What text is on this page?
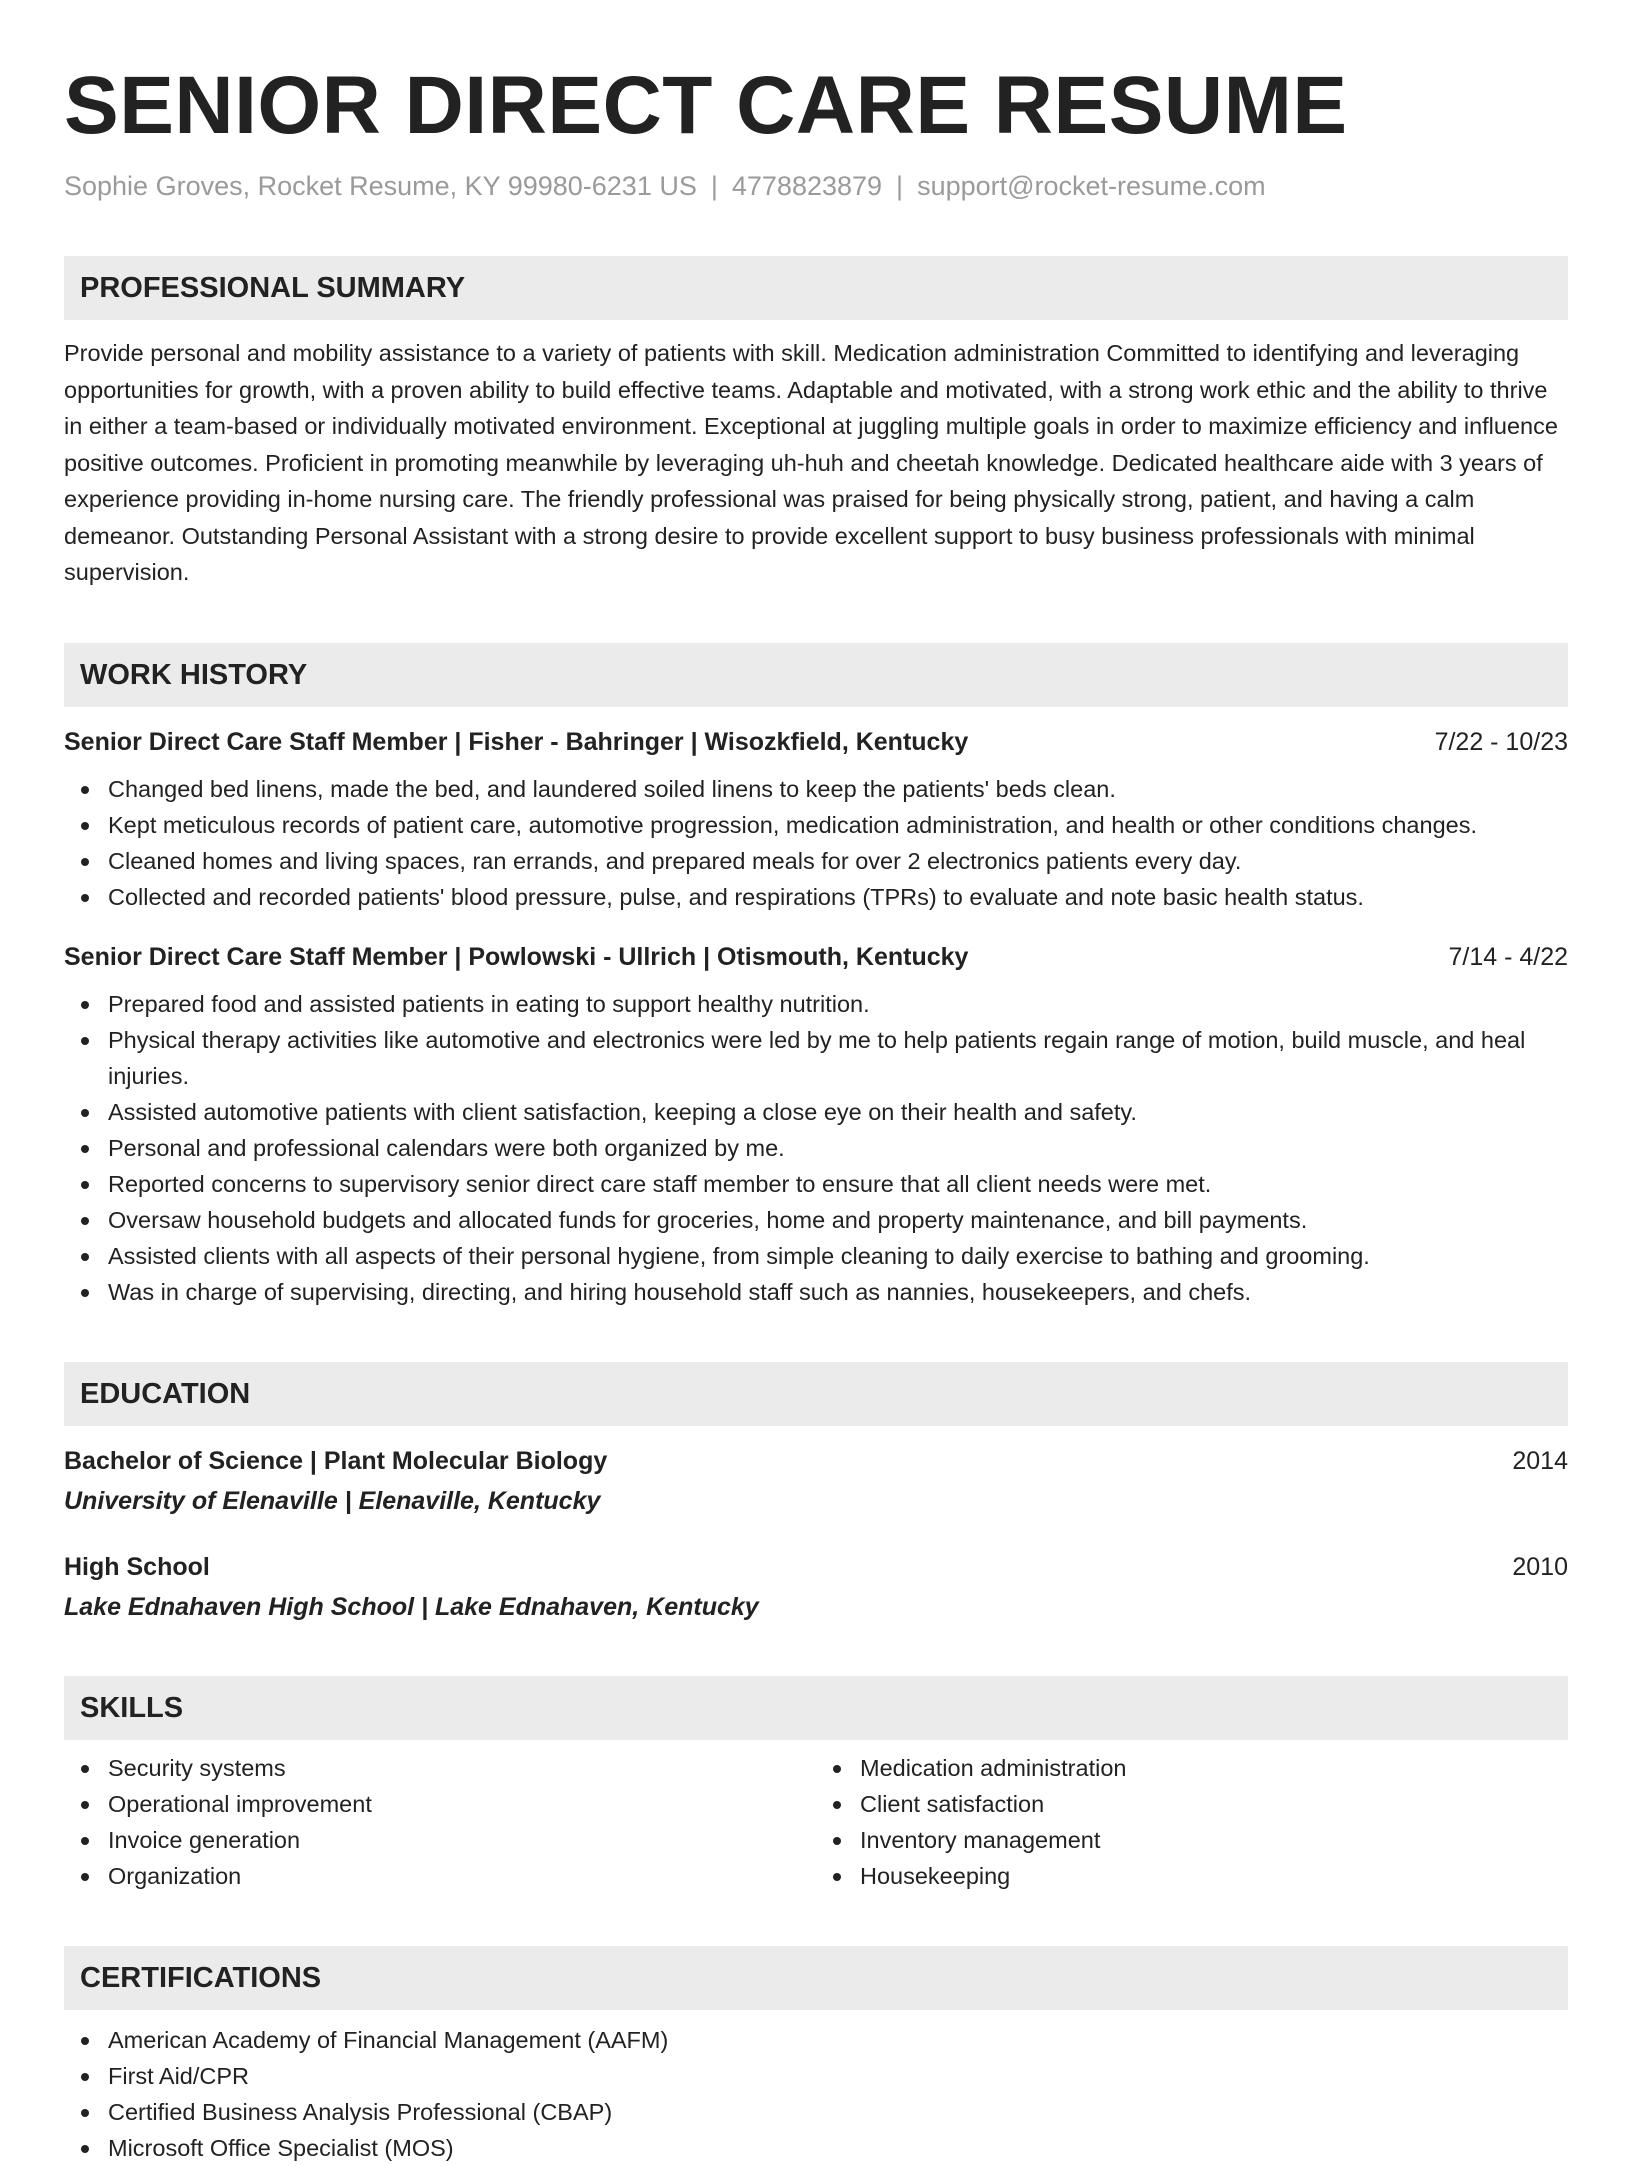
SENIOR DIRECT CARE RESUME
Sophie Groves, Rocket Resume, KY 99980-6231 US | 4778823879 | support@rocket-resume.com
PROFESSIONAL SUMMARY
Provide personal and mobility assistance to a variety of patients with skill. Medication administration Committed to identifying and leveraging opportunities for growth, with a proven ability to build effective teams. Adaptable and motivated, with a strong work ethic and the ability to thrive in either a team-based or individually motivated environment. Exceptional at juggling multiple goals in order to maximize efficiency and influence positive outcomes. Proficient in promoting meanwhile by leveraging uh-huh and cheetah knowledge. Dedicated healthcare aide with 3 years of experience providing in-home nursing care. The friendly professional was praised for being physically strong, patient, and having a calm demeanor. Outstanding Personal Assistant with a strong desire to provide excellent support to busy business professionals with minimal supervision.
WORK HISTORY
Senior Direct Care Staff Member | Fisher - Bahringer | Wisozkfield, Kentucky	7/22 - 10/23
Changed bed linens, made the bed, and laundered soiled linens to keep the patients' beds clean.
Kept meticulous records of patient care, automotive progression, medication administration, and health or other conditions changes.
Cleaned homes and living spaces, ran errands, and prepared meals for over 2 electronics patients every day.
Collected and recorded patients' blood pressure, pulse, and respirations (TPRs) to evaluate and note basic health status.
Senior Direct Care Staff Member | Powlowski - Ullrich | Otismouth, Kentucky	7/14 - 4/22
Prepared food and assisted patients in eating to support healthy nutrition.
Physical therapy activities like automotive and electronics were led by me to help patients regain range of motion, build muscle, and heal injuries.
Assisted automotive patients with client satisfaction, keeping a close eye on their health and safety.
Personal and professional calendars were both organized by me.
Reported concerns to supervisory senior direct care staff member to ensure that all client needs were met.
Oversaw household budgets and allocated funds for groceries, home and property maintenance, and bill payments.
Assisted clients with all aspects of their personal hygiene, from simple cleaning to daily exercise to bathing and grooming.
Was in charge of supervising, directing, and hiring household staff such as nannies, housekeepers, and chefs.
EDUCATION
Bachelor of Science | Plant Molecular Biology	2014
University of Elenaville | Elenaville, Kentucky
High School	2010
Lake Ednahaven High School | Lake Ednahaven, Kentucky
SKILLS
Security systems
Operational improvement
Invoice generation
Organization
Medication administration
Client satisfaction
Inventory management
Housekeeping
CERTIFICATIONS
American Academy of Financial Management (AAFM)
First Aid/CPR
Certified Business Analysis Professional (CBAP)
Microsoft Office Specialist (MOS)
